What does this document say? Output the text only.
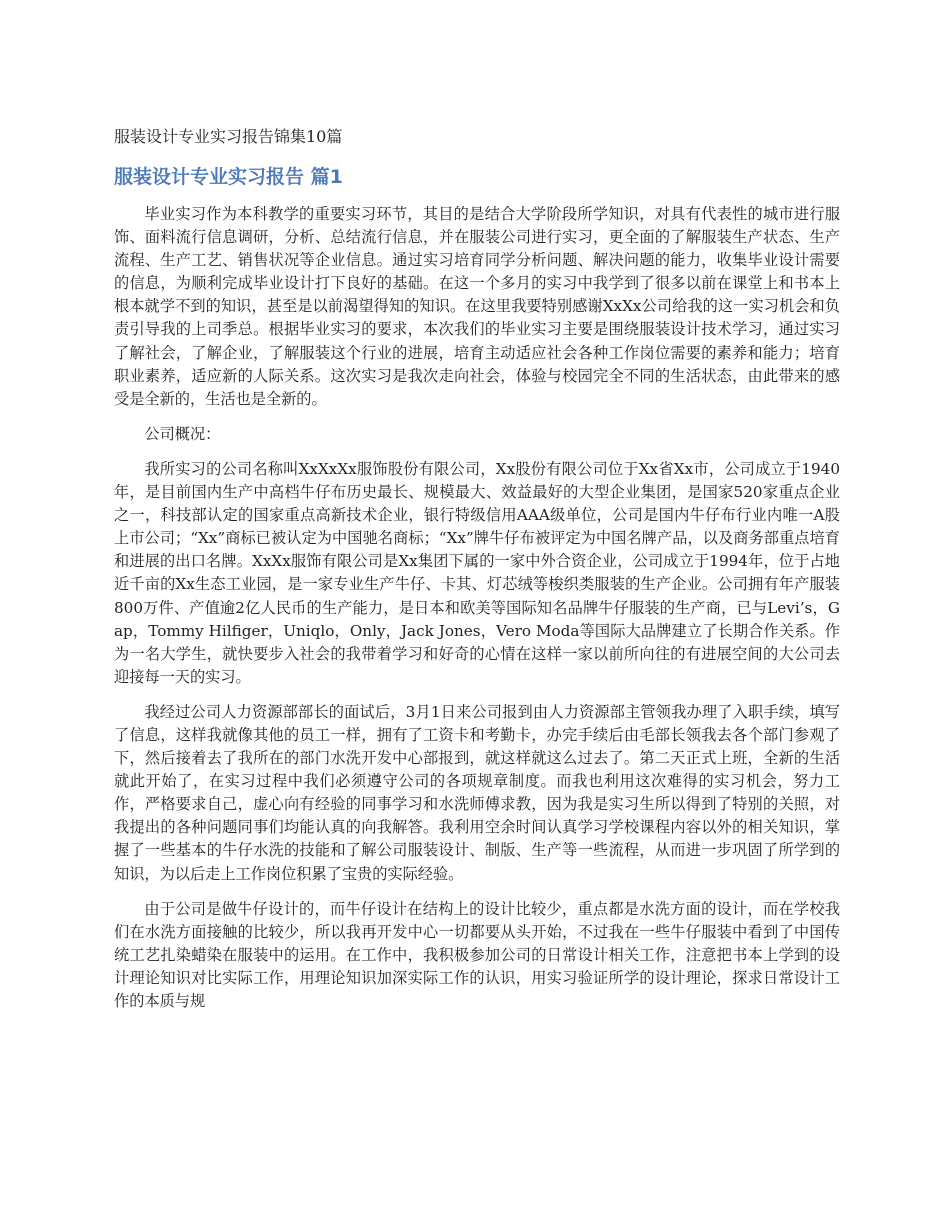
服装设计专业实习报告锦集10篇
服装设计专业实习报告 篇1

毕业实习作为本科教学的重要实习环节，其目的是结合大学阶段所学知识，对具有代表性的城市进行服饰、面料流行信息调研，分析、总结流行信息，并在服装公司进行实习，更全面的了解服装生产状态、生产流程、生产工艺、销售状况等企业信息。通过实习培育同学分析问题、解决问题的能力，收集毕业设计需要的信息，为顺利完成毕业设计打下良好的基础。在这一个多月的实习中我学到了很多以前在课堂上和书本上根本就学不到的知识，甚至是以前渴望得知的知识。在这里我要特别感谢XxXx公司给我的这一实习机会和负责引导我的上司季总。根据毕业实习的要求，本次我们的毕业实习主要是围绕服装设计技术学习，通过实习了解社会，了解企业，了解服装这个行业的进展，培育主动适应社会各种工作岗位需要的素养和能力；培育职业素养，适应新的人际关系。这次实习是我次走向社会，体验与校园完全不同的生活状态，由此带来的感受是全新的，生活也是全新的。

公司概况：

我所实习的公司名称叫XxXxXx服饰股份有限公司，Xx股份有限公司位于Xx省Xx市，公司成立于1940年，是目前国内生产中高档牛仔布历史最长、规模最大、效益最好的大型企业集团，是国家520家重点企业之一，科技部认定的国家重点高新技术企业，银行特级信用AAA级单位，公司是国内牛仔布行业内唯一A股上市公司；“Xx”商标已被认定为中国驰名商标；“Xx”牌牛仔布被评定为中国名牌产品，以及商务部重点培育和进展的出口名牌。XxXx服饰有限公司是Xx集团下属的一家中外合资企业，公司成立于1994年，位于占地近千亩的Xx生态工业园，是一家专业生产牛仔、卡其、灯芯绒等梭织类服装的生产企业。公司拥有年产服装800万件、产值逾2亿人民币的生产能力，是日本和欧美等国际知名品牌牛仔服装的生产商，已与Levi’s，Gap，Tommy Hilfiger，Uniqlo，Only，Jack Jones，Vero Moda等国际大品牌建立了长期合作关系。作为一名大学生，就快要步入社会的我带着学习和好奇的心情在这样一家以前所向往的有进展空间的大公司去迎接每一天的实习。

我经过公司人力资源部部长的面试后，3月1日来公司报到由人力资源部主管领我办理了入职手续，填写了信息，这样我就像其他的员工一样，拥有了工资卡和考勤卡，办完手续后由毛部长领我去各个部门参观了下，然后接着去了我所在的部门水洗开发中心部报到，就这样就这么过去了。第二天正式上班，全新的生活就此开始了，在实习过程中我们必须遵守公司的各项规章制度。而我也利用这次难得的实习机会，努力工作，严格要求自己，虚心向有经验的同事学习和水洗师傅求教，因为我是实习生所以得到了特别的关照，对我提出的各种问题同事们均能认真的向我解答。我利用空余时间认真学习学校课程内容以外的相关知识，掌握了一些基本的牛仔水洗的技能和了解公司服装设计、制版、生产等一些流程，从而进一步巩固了所学到的知识，为以后走上工作岗位积累了宝贵的实际经验。

由于公司是做牛仔设计的，而牛仔设计在结构上的设计比较少，重点都是水洗方面的设计，而在学校我们在水洗方面接触的比较少，所以我再开发中心一切都要从头开始，不过我在一些牛仔服装中看到了中国传统工艺扎染蜡染在服装中的运用。在工作中，我积极参加公司的日常设计相关工作，注意把书本上学到的设计理论知识对比实际工作，用理论知识加深实际工作的认识，用实习验证所学的设计理论，探求日常设计工作的本质与规
